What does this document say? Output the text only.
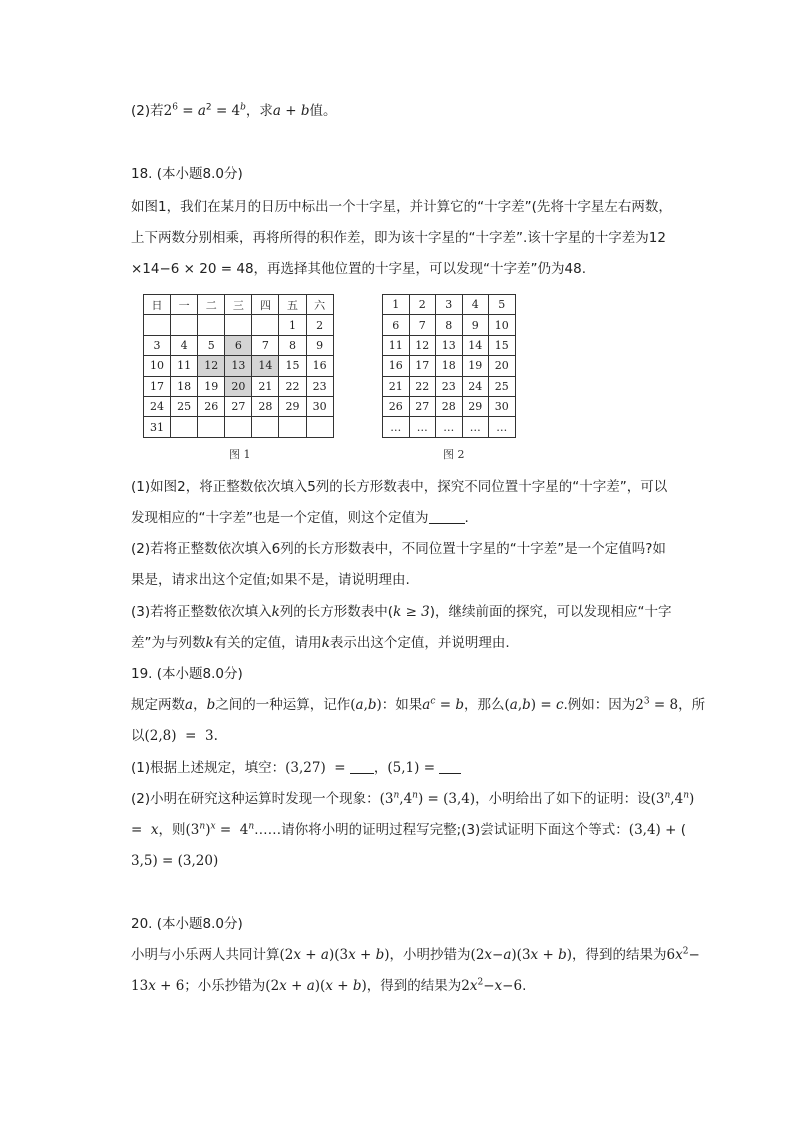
(2)若$2^6 = a^2 = 4^b$，求a + b值。
18. (本小题8.0分)
如图1，我们在某月的日历中标出一个十字星，并计算它的“十字差”(先将十字星左右两数，
上下两数分别相乘，再将所得的积作差，即为该十字星的“十字差”.该十字星的十字差为12
×14−6 × 20 = 48，再选择其他位置的十字星，可以发现“十字差”仍为48.
日	一	二	三	四	五	六
					1	2
3	4	5	6	7	8	9
10	11	12	13	14	15	16
17	18	19	20	21	22	23
24	25	26	27	28	29	30
31						
图 1
1	2	3	4	5
6	7	8	9	10
11	12	13	14	15
16	17	18	19	20
21	22	23	24	25
26	27	28	29	30
…	…	…	…	…
图 2
(1)如图2，将正整数依次填入5列的长方形数表中，探究不同位置十字星的“十字差”，可以
发现相应的“十字差”也是一个定值，则这个定值为	.
(2)若将正整数依次填入6列的长方形数表中，不同位置十字星的“十字差”是一个定值吗?如
果是，请求出这个定值;如果不是，请说明理由.
(3)若将正整数依次填入k列的长方形数表中(k ≥ 3)，继续前面的探究，可以发现相应“十字
差”为与列数k有关的定值，请用k表示出这个定值，并说明理由.
19. (本小题8.0分)
规定两数a，b之间的一种运算，记作(a,b)：如果$a^c = b$，那么(a,b) = c.例如：因为$2^3 = 8$，所
以(2,8)  =  3.
(1)根据上述规定，填空：(3,27)  = ，(5,1) =
(2)小明在研究这种运算时发现一个现象：$(3^n,4^n) = (3,4)$，小明给出了如下的证明：设$(3^n,4^n)$
=  x，则$(3^n)^x$ =  4$^n$……请你将小明的证明过程写完整;(3)尝试证明下面这个等式：(3,4) + (
3,5) = (3,20)
20. (本小题8.0分)
小明与小乐两人共同计算(2x + a)(3x + b)，小明抄错为(2x−a)(3x + b)，得到的结果为$6x^2-$
13x + 6；小乐抄错为(2x + a)(x + b)，得到的结果为$2x^2-x-6$.
